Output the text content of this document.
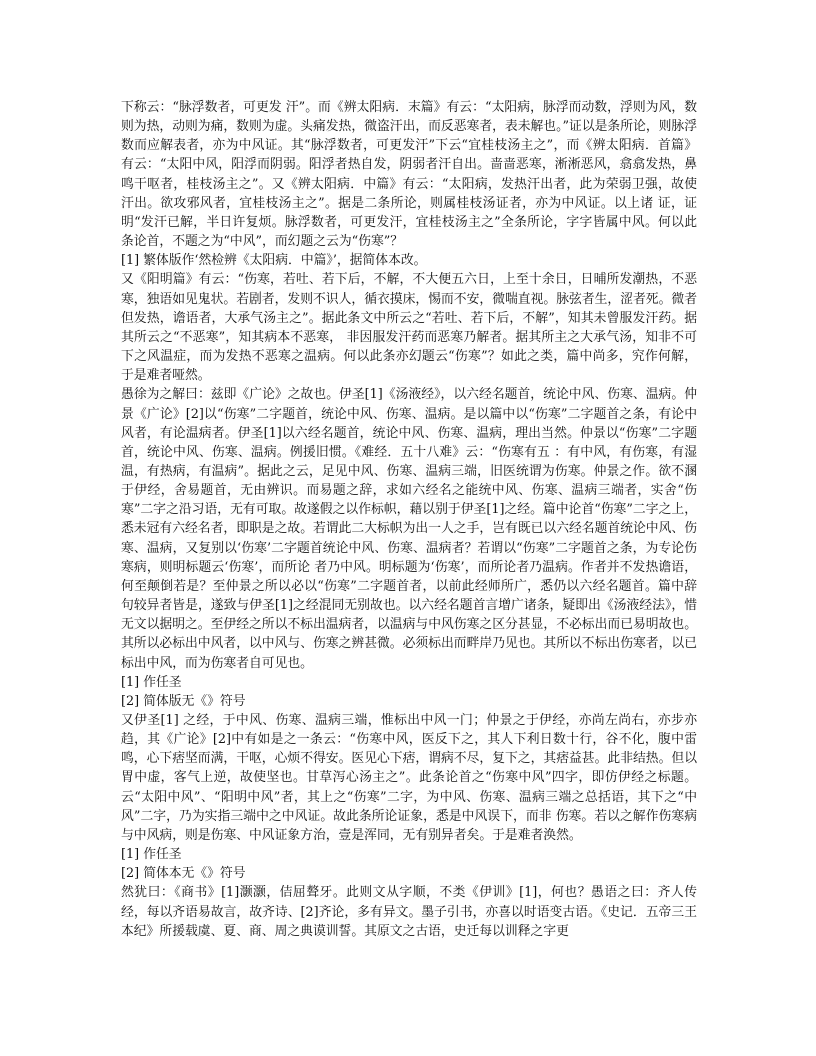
下称云：“脉浮数者，可更发 汗”。而《辨太阳病．末篇》有云：“太阳病，脉浮而动数，浮则为风，数则为热，动则为痛，数则为虚。头痛发热，微盗汗出，而反恶寒者，表未解也。”证以是条所论，则脉浮数而应解表者，亦为中风证。其“脉浮数者，可更发汗”下云“宜桂枝汤主之”，而《辨太阳病．首篇》有云：“太阳中风，阳浮而阴弱。阳浮者热自发，阴弱者汗自出。啬啬恶寒，淅淅恶风，翕翕发热，鼻鸣干呕者，桂枝汤主之”。又《辨太阳病．中篇》有云：“太阳病，发热汗出者，此为荣弱卫强，故使汗出。欲攻邪风者，宜桂枝汤主之”。据是二条所论，则属桂枝汤证者，亦为中风证。以上诸 证，证明“发汗已解，半日许复烦。脉浮数者，可更发汗，宜桂枝汤主之”全条所论，字字皆属中风。何以此条论首，不题之为“中风”，而幻题之云为“伤寒”？

[1] 繁体版作‘然检辨《太阳病．中篇》’，据简体本改。

又《阳明篇》有云：“伤寒，若吐、若下后，不解，不大便五六日，上至十余日，日晡所发潮热，不恶寒，独语如见鬼状。若剧者，发则不识人，循衣摸床，惕而不安，微喘直视。脉弦者生，涩者死。微者但发热，谵语者，大承气汤主之”。据此条文中所云之“若吐、若下后，不解”，知其未曾服发汗药。据其所云之“不恶寒”，知其病本不恶寒， 非因服发汗药而恶寒乃解者。据其所主之大承气汤，知非不可下之风温症，而为发热不恶寒之温病。何以此条亦幻题云“伤寒”？如此之类，篇中尚多，究作何解，于是难者哑然。

愚徐为之解曰：兹即《广论》之故也。伊圣[1]《汤液经》，以六经名题首，统论中风、伤寒、温病。仲景《广论》[2]以“伤寒”二字题首，统论中风、伤寒、温病。是以篇中以“伤寒”二字题首之条，有论中风者，有论温病者。伊圣[1]以六经名题首，统论中风、伤寒、温病，理出当然。仲景以“伤寒”二字题首，统论中风、伤寒、温病。例援旧惯。《难经．五十八难》云：“伤寒有五 ：有中风，有伤寒，有湿温，有热病，有温病”。据此之云，足见中风、伤寒、温病三端，旧医统谓为伤寒。仲景之作。欲不溷于伊经，舍易题首，无由辨识。而易题之辞，求如六经名之能统中风、伤寒、温病三端者，实舍“伤寒”二字之沿习语，无有可取。故遂假之以作标帜，藉以别于伊圣[1]之经。篇中论首“伤寒”二字之上，悉未冠有六经名者，即职是之故。若谓此二大标帜为出一人之手，岂有既已以六经名题首统论中风、伤寒、温病，又复别以‘伤寒’二字题首统论中风、伤寒、温病者？若谓以“伤寒”二字题首之条，为专论伤寒病，则明标题云‘伤寒’，而所论 者乃中风。明标题为‘伤寒’，而所论者乃温病。作者并不发热谵语，何至颠倒若是？至仲景之所以必以“伤寒”二字题首者，以前此经师所广，悉仍以六经名题首。篇中辞句较异者皆是，遂致与伊圣[1]之经混同无别故也。以六经名题首言增广诸条，疑即出《汤液经法》，惜无文以据明之。至伊经之所以不标出温病者，以温病与中风伤寒之区分甚显，不必标出而已易明故也。其所以必标出中风者，以中风与、伤寒之辨甚微。必须标出而畔岸乃见也。其所以不标出伤寒者，以已标出中风，而为伤寒者自可见也。

[1] 作任圣

[2] 简体版无《》符号

又伊圣[1] 之经，于中风、伤寒、温病三端，惟标出中风一门；仲景之于伊经，亦尚左尚右，亦步亦趋，其《广论》[2]中有如是之一条云：“伤寒中风，医反下之，其人下利日数十行，谷不化，腹中雷鸣，心下痞坚而满，干呕，心烦不得安。医见心下痞，谓病不尽，复下之，其痞益甚。此非结热。但以胃中虚，客气上逆，故使坚也。甘草泻心汤主之”。此条论首之“伤寒中风”四字，即仿伊经之标题。云“太阳中风”、“阳明中风”者，其上之“伤寒”二字，为中风、伤寒、温病三端之总括语，其下之“中风”二字，乃为实指三端中之中风证。故此条所论证象，悉是中风误下，而非 伤寒。若以之解作伤寒病与中风病，则是伤寒、中风证象方治，壹是浑同，无有别异者矣。于是难者涣然。

[1] 作任圣

[2] 简体本无《》符号

然犹曰：《商书》[1]灏灏，佶屈聱牙。此则文从字顺，不类《伊训》[1]，何也？愚语之曰：齐人传经，每以齐语易故言，故齐诗、[2]齐论，多有异文。墨子引书，亦喜以时语变古语。《史记．五帝三王本纪》所援载虞、夏、商、周之典谟训誓。其原文之古语，史迁每以训释之字更
